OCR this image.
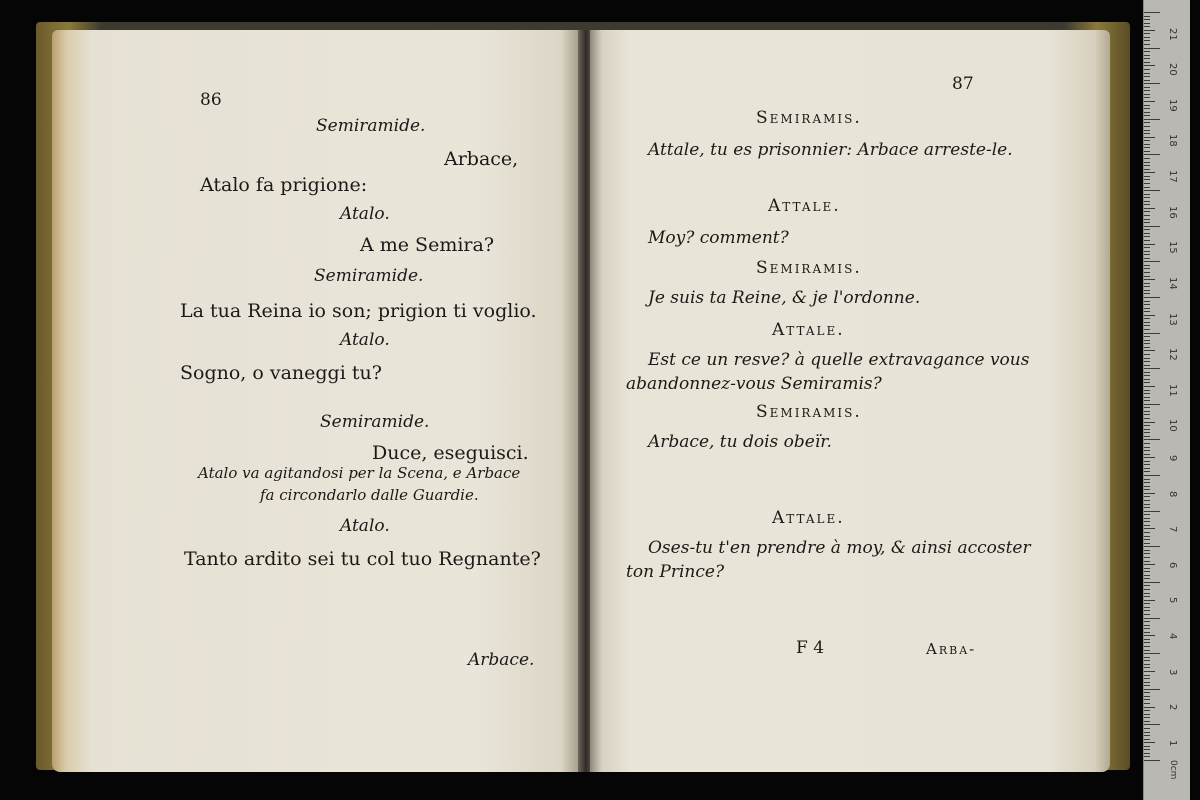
86
Semiramide.
Arbace,
Atalo fa prigione:
Atalo.
A me Semira?
Semiramide.
La tua Reina io son; prigion ti voglio.
Atalo.
Sogno, o vaneggi tu?
Semiramide.
Duce, eseguisci.
Atalo va agitandosi per la Scena, e Arbace
fa circondarlo dalle Guardie.
Atalo.
Tanto ardito sei tu col tuo Regnante?
Arbace.
87
Semiramis.
Attale, tu es prisonnier: Arbace arreste-le.
Attale.
Moy? comment?
Semiramis.
Je suis ta Reine, & je l'ordonne.
Attale.
Est ce un resve? à quelle extravagance vous
abandonnez-vous Semiramis?
Semiramis.
Arbace, tu dois obeïr.
Attale.
Oses-tu t'en prendre à moy, & ainsi accoster
ton Prince?
F 4	Arba-
21
20
19
18
17
16
15
14
13
12
11
10
9
8
7
6
5
4
3
2
1
0cm
